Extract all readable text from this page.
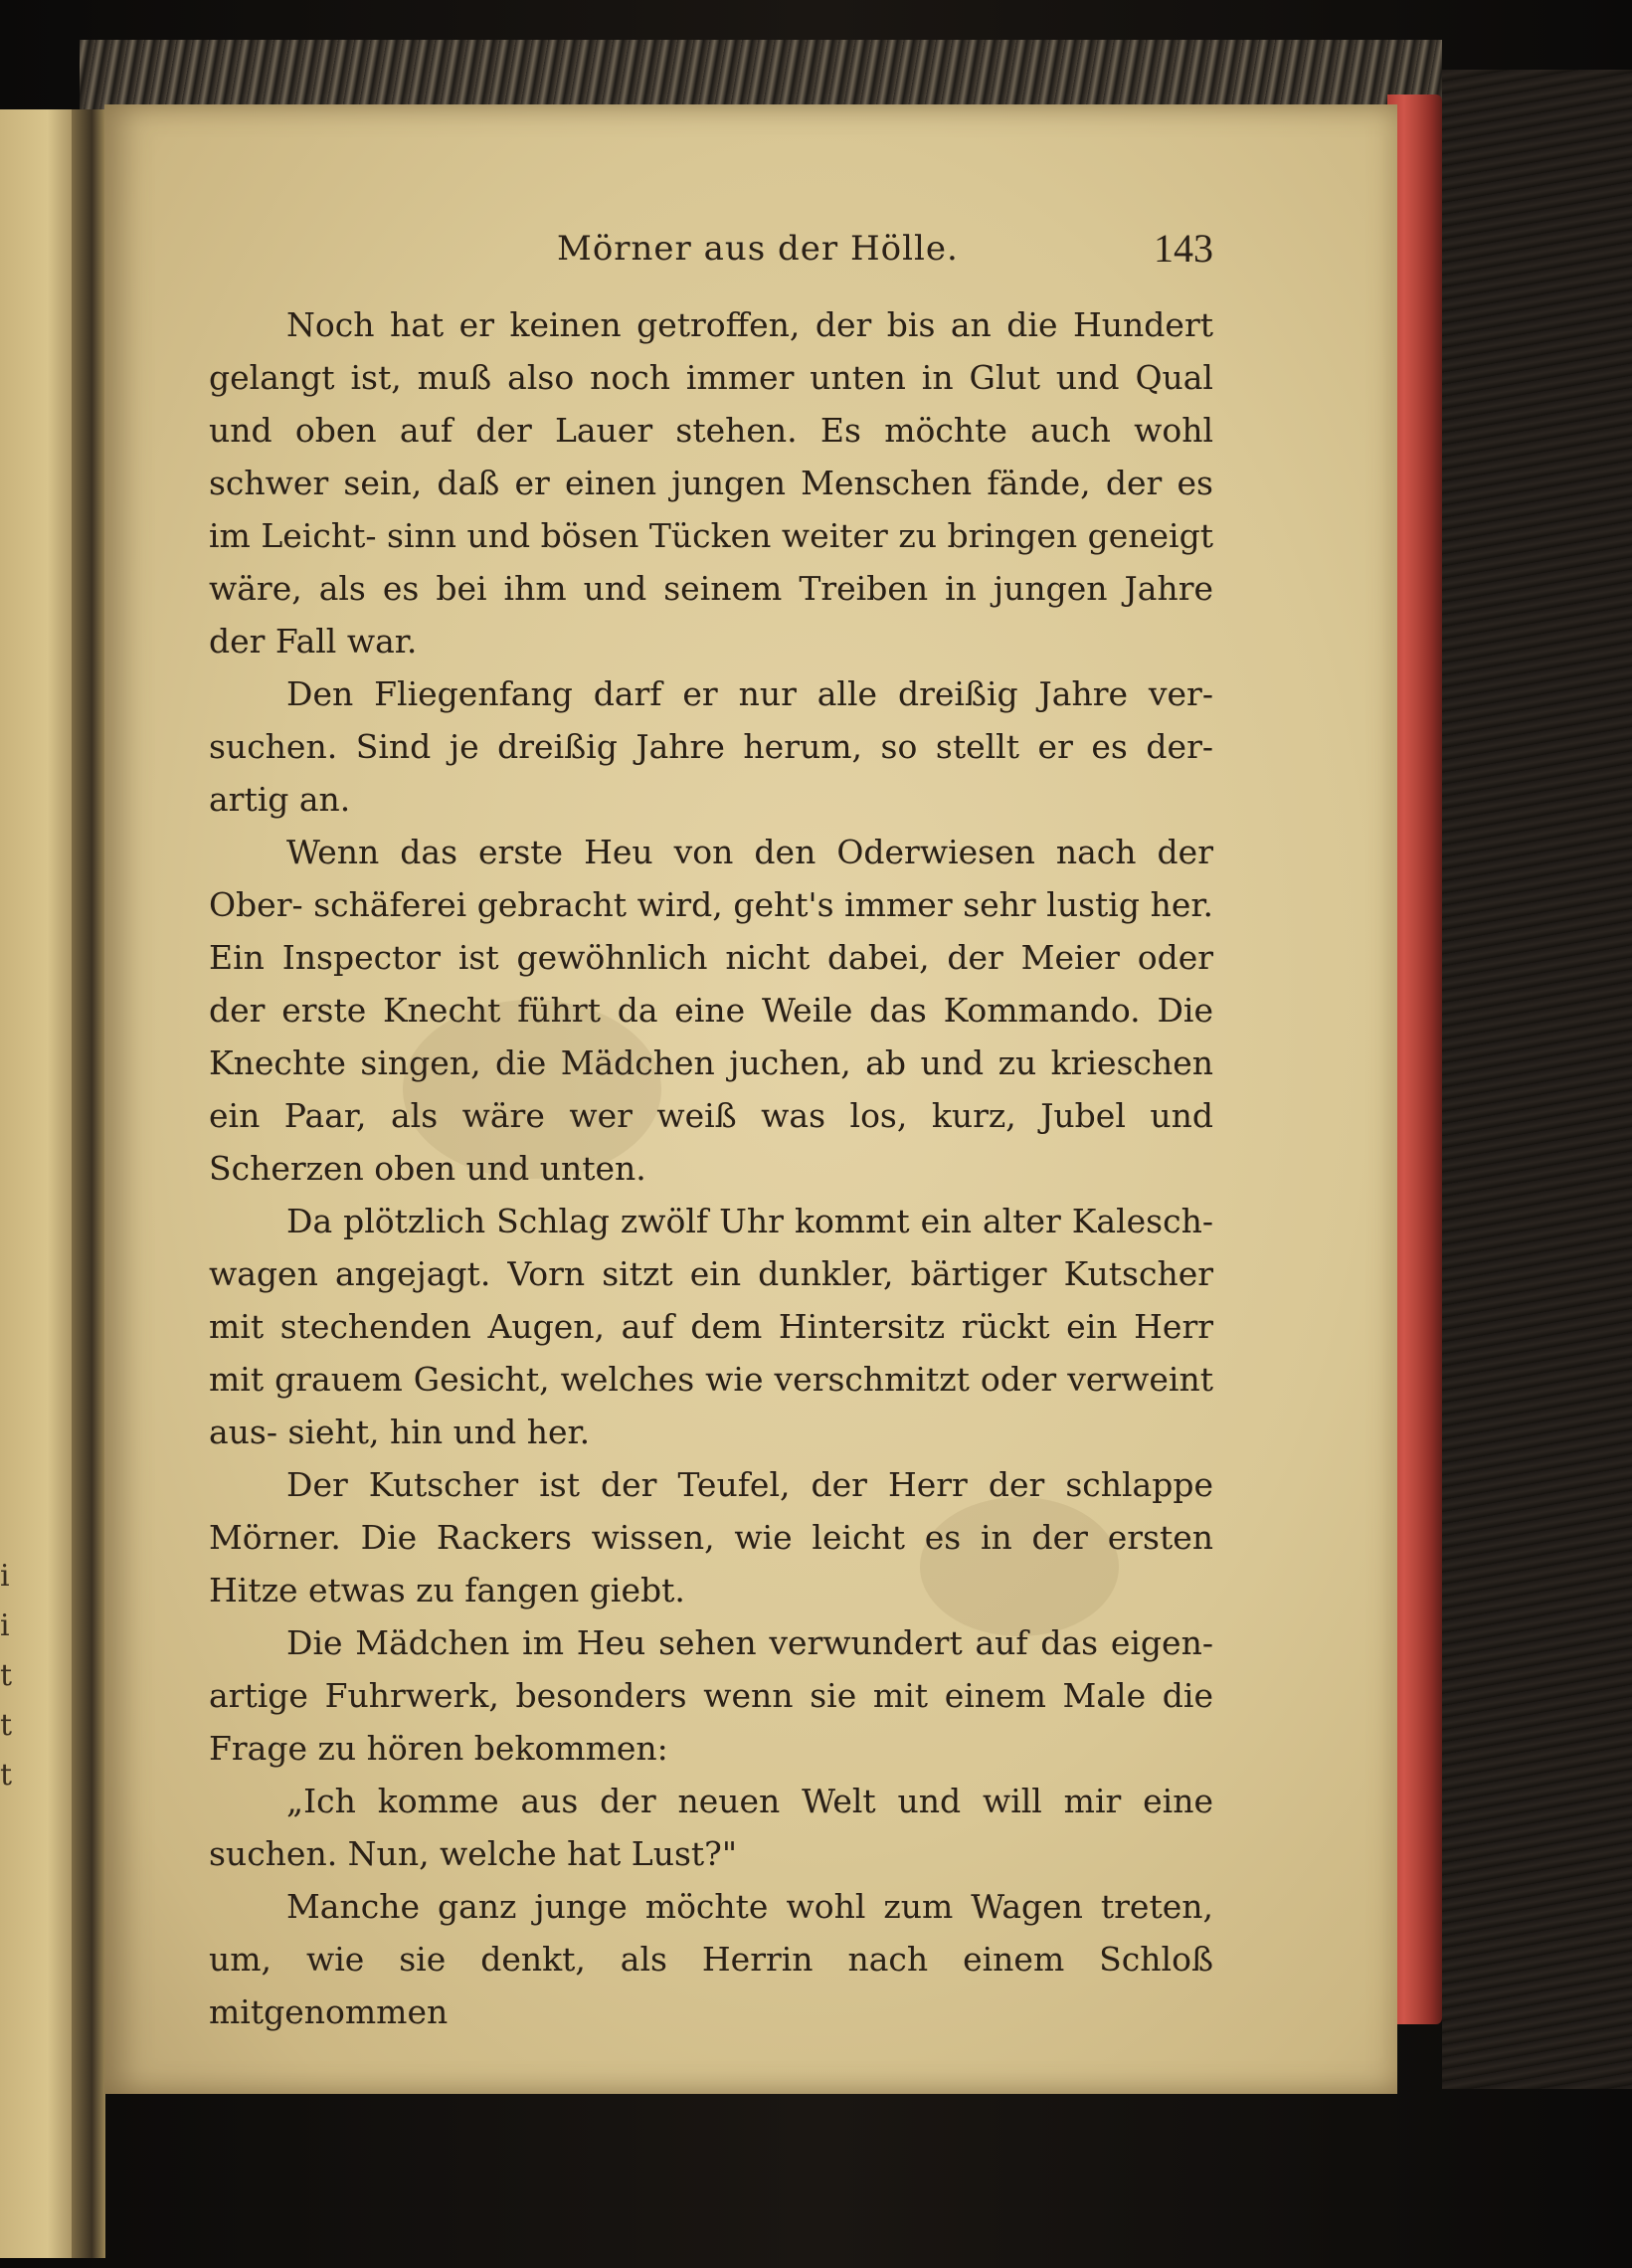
i
i
t
t
t
Mörner aus der Hölle.	143

Noch hat er keinen getroffen, der bis an die Hundert gelangt ist, muß also noch immer unten in Glut und Qual und oben auf der Lauer stehen. Es möchte auch wohl schwer sein, daß er einen jungen Menschen fände, der es im Leicht- sinn und bösen Tücken weiter zu bringen geneigt wäre, als es bei ihm und seinem Treiben in jungen Jahre der Fall war.

Den Fliegenfang darf er nur alle dreißig Jahre ver- suchen. Sind je dreißig Jahre herum, so stellt er es der- artig an.

Wenn das erste Heu von den Oderwiesen nach der Ober- schäferei gebracht wird, geht's immer sehr lustig her. Ein Inspector ist gewöhnlich nicht dabei, der Meier oder der erste Knecht führt da eine Weile das Kommando. Die Knechte singen, die Mädchen juchen, ab und zu krieschen ein Paar, als wäre wer weiß was los, kurz, Jubel und Scherzen oben und unten.

Da plötzlich Schlag zwölf Uhr kommt ein alter Kalesch- wagen angejagt. Vorn sitzt ein dunkler, bärtiger Kutscher mit stechenden Augen, auf dem Hintersitz rückt ein Herr mit grauem Gesicht, welches wie verschmitzt oder verweint aus- sieht, hin und her.

Der Kutscher ist der Teufel, der Herr der schlappe Mörner. Die Rackers wissen, wie leicht es in der ersten Hitze etwas zu fangen giebt.

Die Mädchen im Heu sehen verwundert auf das eigen- artige Fuhrwerk, besonders wenn sie mit einem Male die Frage zu hören bekommen:

„Ich komme aus der neuen Welt und will mir eine suchen. Nun, welche hat Lust?"

Manche ganz junge möchte wohl zum Wagen treten, um, wie sie denkt, als Herrin nach einem Schloß mitgenommen
